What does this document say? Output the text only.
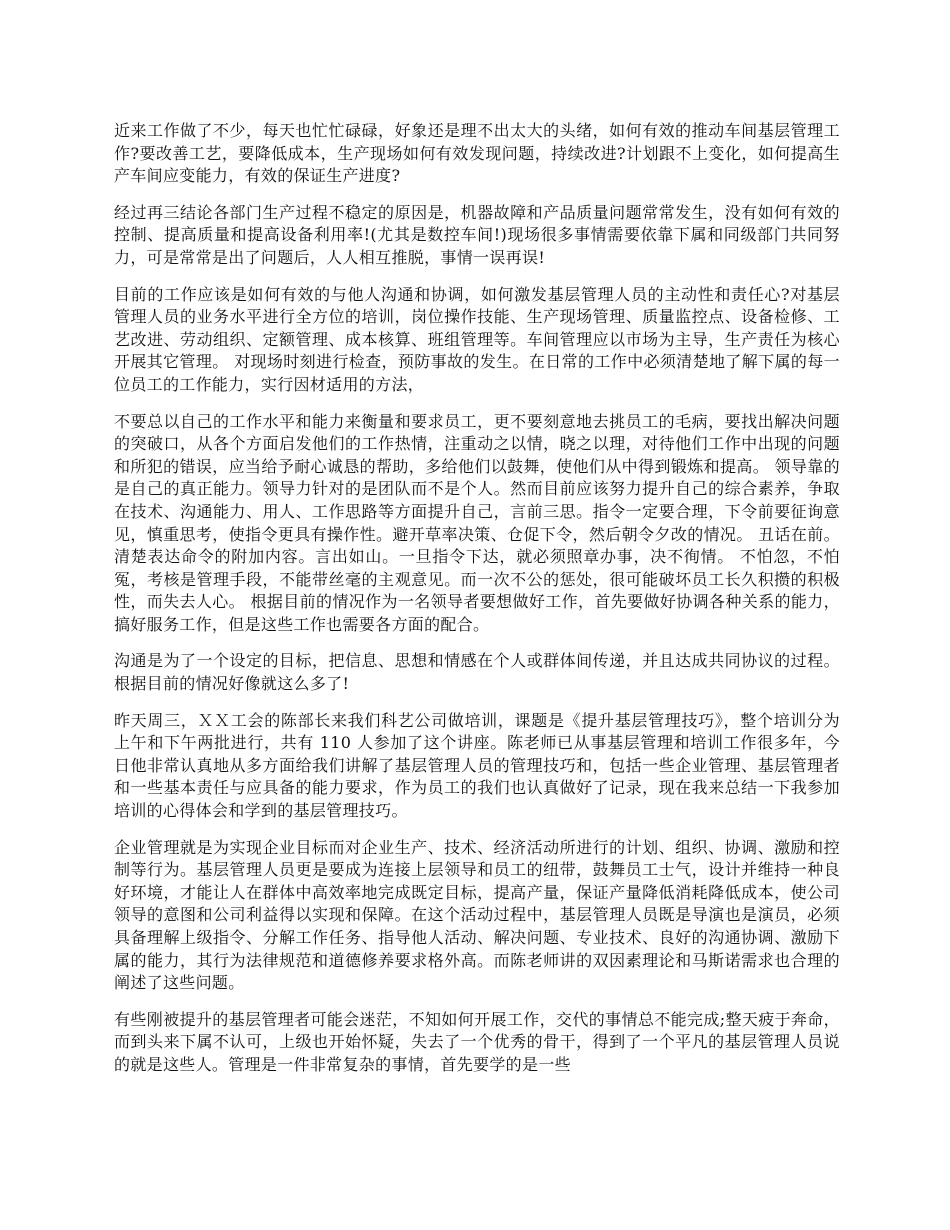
近来工作做了不少，每天也忙忙碌碌，好象还是理不出太大的头绪，如何有效的推动车间基层管理工作?要改善工艺，要降低成本，生产现场如何有效发现问题，持续改进?计划跟不上变化，如何提高生产车间应变能力，有效的保证生产进度?

经过再三结论各部门生产过程不稳定的原因是，机器故障和产品质量问题常常发生，没有如何有效的控制、提高质量和提高设备利用率!(尤其是数控车间!)现场很多事情需要依靠下属和同级部门共同努力，可是常常是出了问题后，人人相互推脱，事情一误再误!

目前的工作应该是如何有效的与他人沟通和协调，如何激发基层管理人员的主动性和责任心?对基层管理人员的业务水平进行全方位的培训，岗位操作技能、生产现场管理、质量监控点、设备检修、工艺改进、劳动组织、定额管理、成本核算、班组管理等。车间管理应以市场为主导，生产责任为核心开展其它管理。 对现场时刻进行检查，预防事故的发生。在日常的工作中必须清楚地了解下属的每一位员工的工作能力，实行因材适用的方法，

不要总以自己的工作水平和能力来衡量和要求员工，更不要刻意地去挑员工的毛病，要找出解决问题的突破口，从各个方面启发他们的工作热情，注重动之以情，晓之以理，对待他们工作中出现的问题和所犯的错误，应当给予耐心诚恳的帮助，多给他们以鼓舞，使他们从中得到锻炼和提高。 领导靠的是自己的真正能力。领导力针对的是团队而不是个人。然而目前应该努力提升自己的综合素养，争取在技术、沟通能力、用人、工作思路等方面提升自己，言前三思。指令一定要合理，下令前要征询意见，慎重思考，使指令更具有操作性。避开草率决策、仓促下令，然后朝令夕改的情况。 丑话在前。清楚表达命令的附加内容。言出如山。一旦指令下达，就必须照章办事，决不徇情。 不怕忽，不怕冤，考核是管理手段，不能带丝毫的主观意见。而一次不公的惩处，很可能破坏员工长久积攒的积极性，而失去人心。 根据目前的情况作为一名领导者要想做好工作，首先要做好协调各种关系的能力，搞好服务工作，但是这些工作也需要各方面的配合。

沟通是为了一个设定的目标，把信息、思想和情感在个人或群体间传递，并且达成共同协议的过程。根据目前的情况好像就这么多了!

昨天周三，ＸＸ工会的陈部长来我们科艺公司做培训，课题是《提升基层管理技巧》，整个培训分为上午和下午两批进行，共有 110 人参加了这个讲座。陈老师已从事基层管理和培训工作很多年，今日他非常认真地从多方面给我们讲解了基层管理人员的管理技巧和，包括一些企业管理、基层管理者和一些基本责任与应具备的能力要求，作为员工的我们也认真做好了记录，现在我来总结一下我参加培训的心得体会和学到的基层管理技巧。

企业管理就是为实现企业目标而对企业生产、技术、经济活动所进行的计划、组织、协调、激励和控制等行为。基层管理人员更是要成为连接上层领导和员工的纽带，鼓舞员工士气，设计并维持一种良好环境，才能让人在群体中高效率地完成既定目标，提高产量，保证产量降低消耗降低成本，使公司领导的意图和公司利益得以实现和保障。在这个活动过程中，基层管理人员既是导演也是演员，必须具备理解上级指令、分解工作任务、指导他人活动、解决问题、专业技术、良好的沟通协调、激励下属的能力，其行为法律规范和道德修养要求格外高。而陈老师讲的双因素理论和马斯诺需求也合理的阐述了这些问题。

有些刚被提升的基层管理者可能会迷茫，不知如何开展工作，交代的事情总不能完成;整天疲于奔命，而到头来下属不认可，上级也开始怀疑，失去了一个优秀的骨干，得到了一个平凡的基层管理人员说的就是这些人。管理是一件非常复杂的事情，首先要学的是一些
